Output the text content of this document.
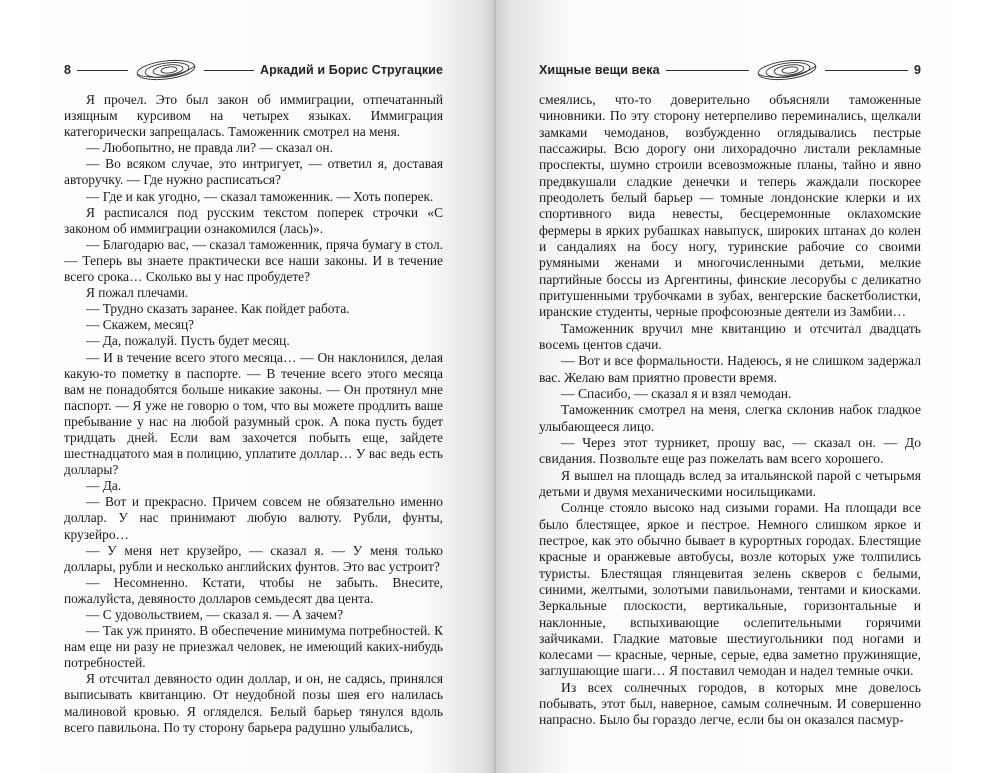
8	Аркадий и Борис Стругацкие

Я прочел. Это был закон об иммиграции, отпечатанный изящным курсивом на четырех языках. Иммиграция категорически запрещалась. Таможенник смотрел на меня.

— Любопытно, не правда ли? — сказал он.

— Во всяком случае, это интригует, — ответил я, доставая авторучку. — Где нужно расписаться?

— Где и как угодно, — сказал таможенник. — Хоть поперек.

Я расписался под русским текстом поперек строчки «С законом об иммиграции ознакомился (лась)».

— Благодарю вас, — сказал таможенник, пряча бумагу в стол. — Теперь вы знаете практически все наши законы. И в течение всего срока… Сколько вы у нас пробудете?

Я пожал плечами.

— Трудно сказать заранее. Как пойдет работа.

— Скажем, месяц?

— Да, пожалуй. Пусть будет месяц.

— И в течение всего этого месяца… — Он наклонился, делая какую-то пометку в паспорте. — В течение всего этого месяца вам не понадобятся больше никакие законы. — Он протянул мне паспорт. — Я уже не говорю о том, что вы можете продлить ваше пребывание у нас на любой разумный срок. А пока пусть будет тридцать дней. Если вам захочется побыть еще, зайдете шестнадцатого мая в полицию, уплатите доллар… У вас ведь есть доллары?

— Да.

— Вот и прекрасно. Причем совсем не обязательно именно доллар. У нас принимают любую валюту. Рубли, фунты, крузейро…

— У меня нет крузейро, — сказал я. — У меня только доллары, рубли и несколько английских фунтов. Это вас устроит?

— Несомненно. Кстати, чтобы не забыть. Внесите, пожалуйста, девяносто долларов семьдесят два цента.

— С удовольствием, — сказал я. — А зачем?

— Так уж принято. В обеспечение минимума потребностей. К нам еще ни разу не приезжал человек, не имеющий каких-нибудь потребностей.

Я отсчитал девяносто один доллар, и он, не садясь, принялся выписывать квитанцию. От неудобной позы шея его налилась малиновой кровью. Я огляделся. Белый барьер тянулся вдоль всего павильона. По ту сторону барьера радушно улыбались,

Хищные вещи века	9

смеялись, что-то доверительно объясняли таможенные чиновники. По эту сторону нетерпеливо переминались, щелкали замками чемоданов, возбужденно оглядывались пестрые пассажиры. Всю дорогу они лихорадочно листали рекламные проспекты, шумно строили всевозможные планы, тайно и явно предвкушали сладкие денечки и теперь жаждали поскорее преодолеть белый барьер — томные лондонские клерки и их спортивного вида невесты, бесцеремонные оклахомские фермеры в ярких рубашках навыпуск, широких штанах до колен и сандалиях на босу ногу, туринские рабочие со своими румяными женами и многочисленными детьми, мелкие партийные боссы из Аргентины, финские лесорубы с деликатно притушенными трубочками в зубах, венгерские баскетболистки, иранские студенты, черные профсоюзные деятели из Замбии…

Таможенник вручил мне квитанцию и отсчитал двадцать восемь центов сдачи.

— Вот и все формальности. Надеюсь, я не слишком задержал вас. Желаю вам приятно провести время.

— Спасибо, — сказал я и взял чемодан.

Таможенник смотрел на меня, слегка склонив набок гладкое улыбающееся лицо.

— Через этот турникет, прошу вас, — сказал он. — До свидания. Позвольте еще раз пожелать вам всего хорошего.

Я вышел на площадь вслед за итальянской парой с четырьмя детьми и двумя механическими носильщиками.

Солнце стояло высоко над сизыми горами. На площади все было блестящее, яркое и пестрое. Немного слишком яркое и пестрое, как это обычно бывает в курортных городах. Блестящие красные и оранжевые автобусы, возле которых уже толпились туристы. Блестящая глянцевитая зелень скверов с белыми, синими, желтыми, золотыми павильонами, тентами и киосками. Зеркальные плоскости, вертикальные, горизонтальные и наклонные, вспыхивающие ослепительными горячими зайчиками. Гладкие матовые шестиугольники под ногами и колесами — красные, черные, серые, едва заметно пружинящие, заглушающие шаги… Я поставил чемодан и надел темные очки.

Из всех солнечных городов, в которых мне довелось побывать, этот был, наверное, самым солнечным. И совершенно напрасно. Было бы гораздо легче, если бы он оказался пасмур-
